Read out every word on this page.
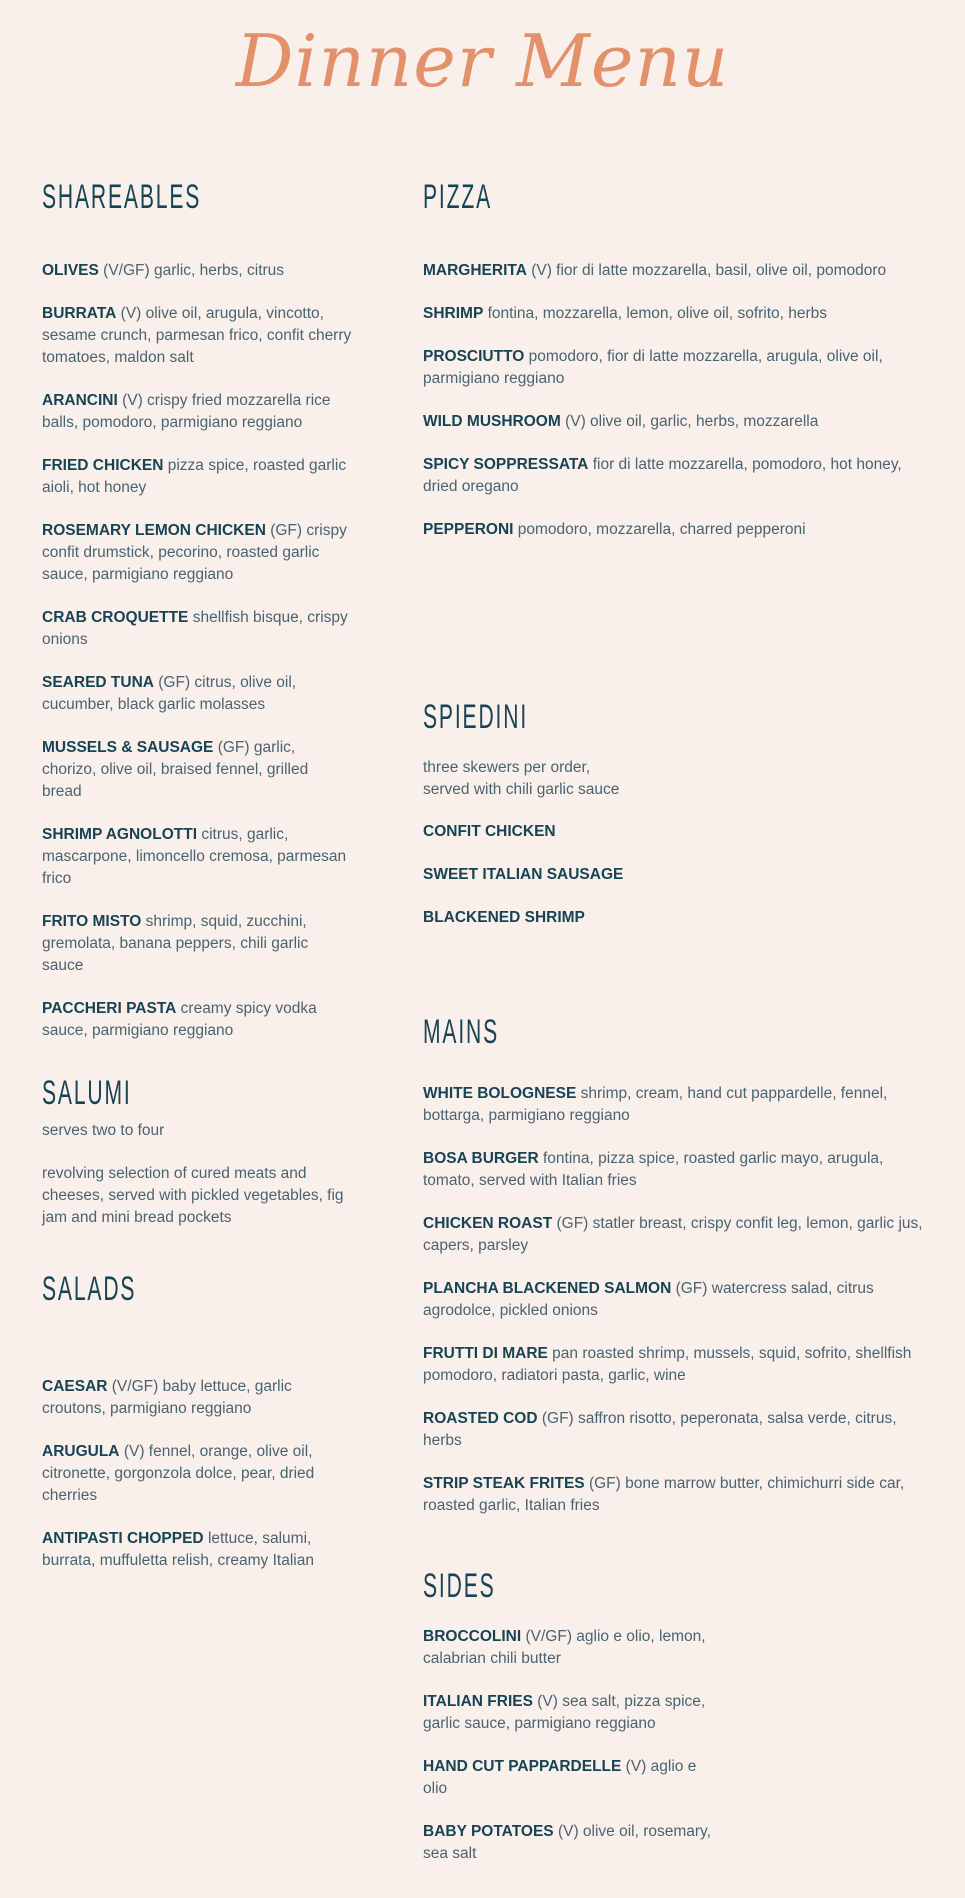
Dinner Menu
SHAREABLES
OLIVES (V/GF) garlic, herbs, citrus
BURRATA (V) olive oil, arugula, vincotto, sesame crunch, parmesan frico, confit cherry tomatoes, maldon salt
ARANCINI (V) crispy fried mozzarella rice balls, pomodoro, parmigiano reggiano
FRIED CHICKEN pizza spice, roasted garlic aioli, hot honey
ROSEMARY LEMON CHICKEN (GF) crispy confit drumstick, pecorino, roasted garlic sauce, parmigiano reggiano
CRAB CROQUETTE shellfish bisque, crispy onions
SEARED TUNA (GF) citrus, olive oil, cucumber, black garlic molasses
MUSSELS & SAUSAGE (GF) garlic, chorizo, olive oil, braised fennel, grilled bread
SHRIMP AGNOLOTTI citrus, garlic, mascarpone, limoncello cremosa, parmesan frico
FRITO MISTO shrimp, squid, zucchini, gremolata, banana peppers, chili garlic sauce
PACCHERI PASTA creamy spicy vodka sauce, parmigiano reggiano
SALUMI
serves two to four
revolving selection of cured meats and cheeses, served with pickled vegetables, fig jam and mini bread pockets
SALADS
CAESAR (V/GF) baby lettuce, garlic croutons, parmigiano reggiano
ARUGULA (V) fennel, orange, olive oil, citronette, gorgonzola dolce, pear, dried cherries
ANTIPASTI CHOPPED lettuce, salumi, burrata, muffuletta relish, creamy Italian
PIZZA
MARGHERITA (V) fior di latte mozzarella, basil, olive oil, pomodoro
SHRIMP fontina, mozzarella, lemon, olive oil, sofrito, herbs
PROSCIUTTO pomodoro, fior di latte mozzarella, arugula, olive oil, parmigiano reggiano
WILD MUSHROOM (V) olive oil, garlic, herbs, mozzarella
SPICY SOPPRESSATA fior di latte mozzarella, pomodoro, hot honey, dried oregano
PEPPERONI pomodoro, mozzarella, charred pepperoni
SPIEDINI
three skewers per order,
served with chili garlic sauce
CONFIT CHICKEN
SWEET ITALIAN SAUSAGE
BLACKENED SHRIMP
MAINS
WHITE BOLOGNESE shrimp, cream, hand cut pappardelle, fennel, bottarga, parmigiano reggiano
BOSA BURGER fontina, pizza spice, roasted garlic mayo, arugula, tomato, served with Italian fries
CHICKEN ROAST (GF) statler breast, crispy confit leg, lemon, garlic jus, capers, parsley
PLANCHA BLACKENED SALMON (GF) watercress salad, citrus agrodolce, pickled onions
FRUTTI DI MARE pan roasted shrimp, mussels, squid, sofrito, shellfish pomodoro, radiatori pasta, garlic, wine
ROASTED COD (GF) saffron risotto, peperonata, salsa verde, citrus, herbs
STRIP STEAK FRITES (GF) bone marrow butter, chimichurri side car, roasted garlic, Italian fries
SIDES
BROCCOLINI (V/GF) aglio e olio, lemon, calabrian chili butter
ITALIAN FRIES (V) sea salt, pizza spice, garlic sauce, parmigiano reggiano
HAND CUT PAPPARDELLE (V) aglio e olio
BABY POTATOES (V) olive oil, rosemary, sea salt
